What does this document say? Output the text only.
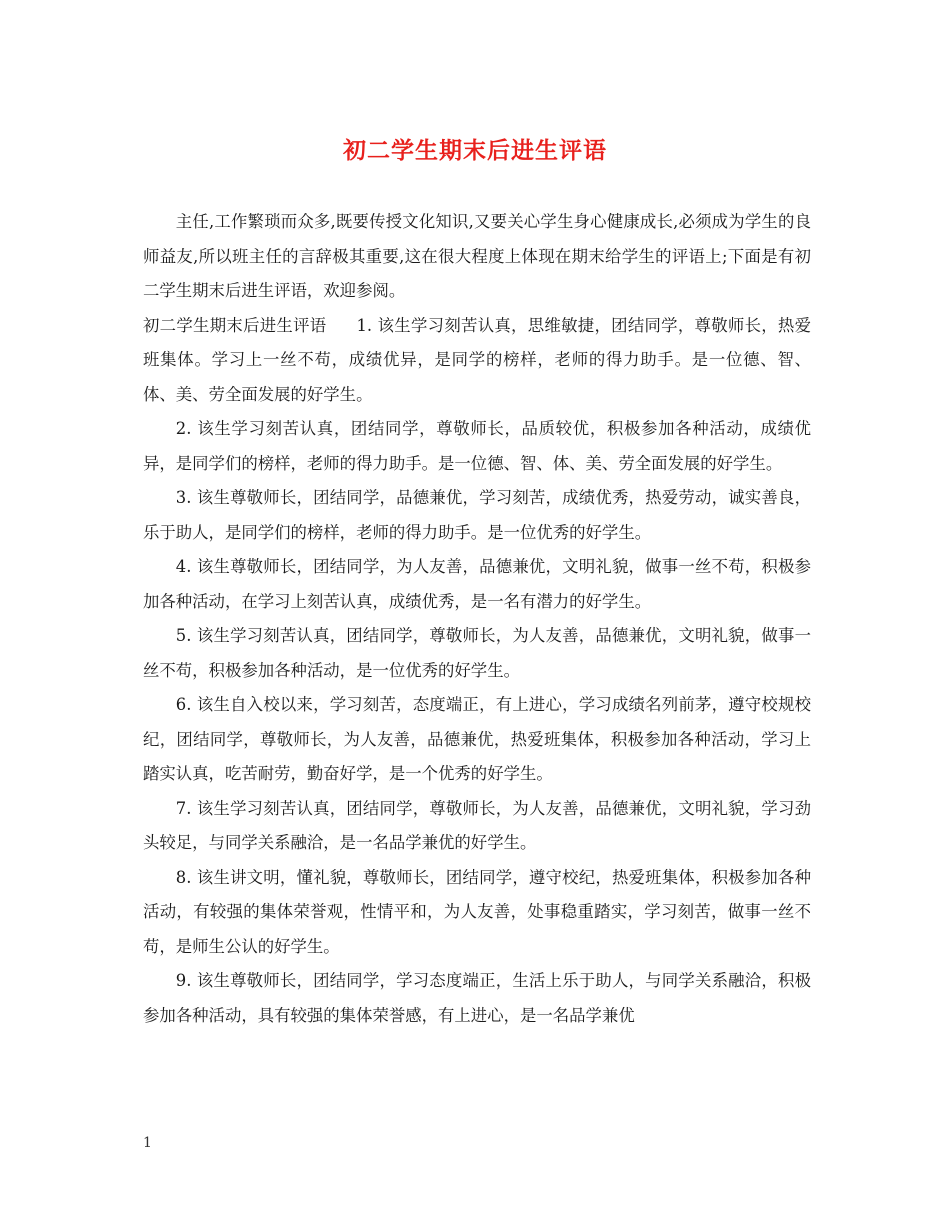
初二学生期末后进生评语

主任,工作繁琐而众多,既要传授文化知识,又要关心学生身心健康成长,必须成为学生的良师益友,所以班主任的言辞极其重要,这在很大程度上体现在期末给学生的评语上;下面是有初二学生期末后进生评语，欢迎参阅。

初二学生期末后进生评语 1. 该生学习刻苦认真，思维敏捷，团结同学，尊敬师长，热爱班集体。学习上一丝不苟，成绩优异，是同学的榜样，老师的得力助手。是一位德、智、体、美、劳全面发展的好学生。

2. 该生学习刻苦认真，团结同学，尊敬师长，品质较优，积极参加各种活动，成绩优异，是同学们的榜样，老师的得力助手。是一位德、智、体、美、劳全面发展的好学生。

3. 该生尊敬师长，团结同学，品德兼优，学习刻苦，成绩优秀，热爱劳动，诚实善良，乐于助人，是同学们的榜样，老师的得力助手。是一位优秀的好学生。

4. 该生尊敬师长，团结同学，为人友善，品德兼优，文明礼貌，做事一丝不苟，积极参加各种活动，在学习上刻苦认真，成绩优秀，是一名有潜力的好学生。

5. 该生学习刻苦认真，团结同学，尊敬师长，为人友善，品德兼优，文明礼貌，做事一丝不苟，积极参加各种活动，是一位优秀的好学生。

6. 该生自入校以来，学习刻苦，态度端正，有上进心，学习成绩名列前茅，遵守校规校纪，团结同学，尊敬师长，为人友善，品德兼优，热爱班集体，积极参加各种活动，学习上踏实认真，吃苦耐劳，勤奋好学，是一个优秀的好学生。

7. 该生学习刻苦认真，团结同学，尊敬师长，为人友善，品德兼优，文明礼貌，学习劲头较足，与同学关系融洽，是一名品学兼优的好学生。

8. 该生讲文明，懂礼貌，尊敬师长，团结同学，遵守校纪，热爱班集体，积极参加各种活动，有较强的集体荣誉观，性情平和，为人友善，处事稳重踏实，学习刻苦，做事一丝不苟，是师生公认的好学生。

9. 该生尊敬师长，团结同学，学习态度端正，生活上乐于助人，与同学关系融洽，积极参加各种活动，具有较强的集体荣誉感，有上进心，是一名品学兼优

1
